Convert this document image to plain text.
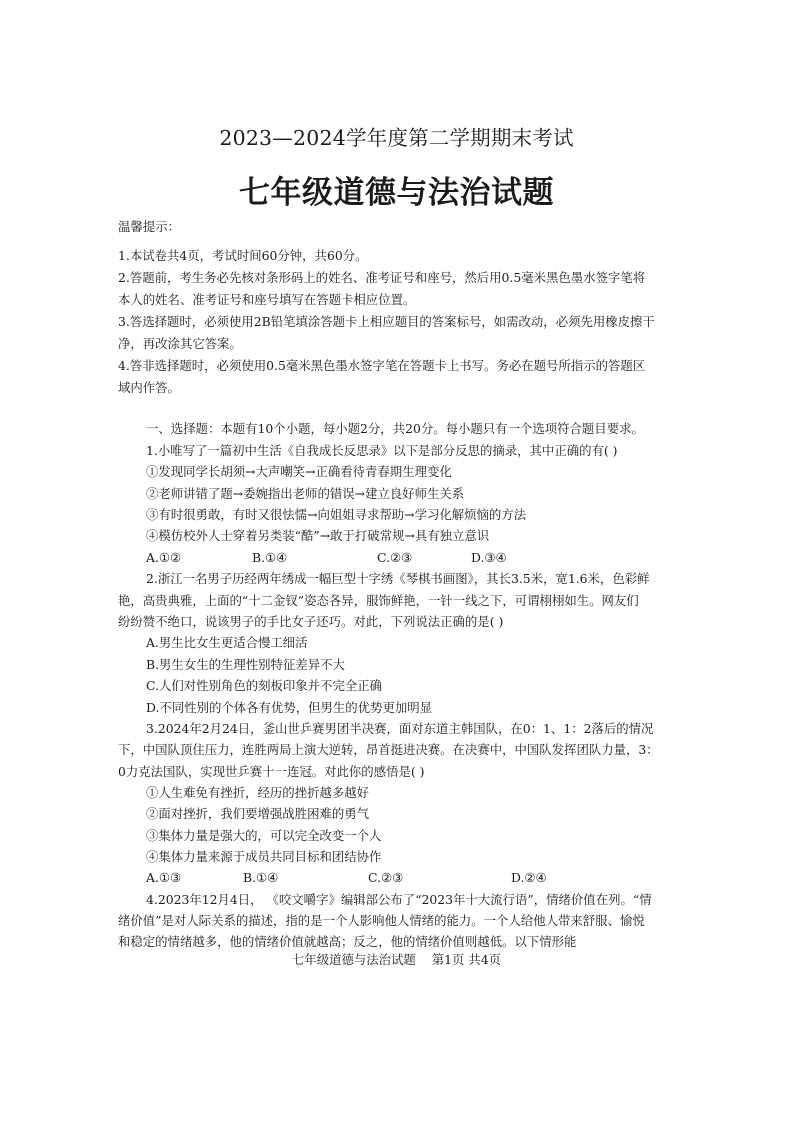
2023—2024学年度第二学期期末考试
七年级道德与法治试题
温馨提示：
1.本试卷共4页，考试时间60分钟，共60分。
2.答题前，考生务必先核对条形码上的姓名、准考证号和座号，然后用0.5毫米黑色墨水签字笔将
本人的姓名、准考证号和座号填写在答题卡相应位置。
3.答选择题时，必须使用2B铅笔填涂答题卡上相应题目的答案标号，如需改动，必须先用橡皮擦干
净，再改涂其它答案。
4.答非选择题时，必须使用0.5毫米黑色墨水签字笔在答题卡上书写。务必在题号所指示的答题区
域内作答。
一、选择题：本题有10个小题，每小题2分，共20分。每小题只有一个选项符合题目要求。
1.小唯写了一篇初中生活《自我成长反思录》以下是部分反思的摘录，其中正确的有( )
①发现同学长胡须→大声嘲笑→正确看待青春期生理变化
②老师讲错了题→委婉指出老师的错误→建立良好师生关系
③有时很勇敢，有时又很怯懦→向姐姐寻求帮助→学习化解烦恼的方法
④模仿校外人士穿着另类装“酷”→敢于打破常规→具有独立意识
A.①②	B.①④	C.②③	D.③④
2.浙江一名男子历经两年绣成一幅巨型十字绣《琴棋书画图》，其长3.5米，宽1.6米，色彩鲜
艳，高贵典雅，上面的“十二金钗”姿态各异，服饰鲜艳，一针一线之下，可谓栩栩如生。网友们
纷纷赞不绝口，说该男子的手比女子还巧。对此，下列说法正确的是( )
A.男生比女生更适合慢工细活
B.男生女生的生理性别特征差异不大
C.人们对性别角色的刻板印象并不完全正确
D.不同性别的个体各有优势，但男生的优势更加明显
3.2024年2月24日，釜山世乒赛男团半决赛，面对东道主韩国队，在0：1、1：2落后的情况
下，中国队顶住压力，连胜两局上演大逆转，昂首挺进决赛。在决赛中，中国队发挥团队力量，3：
0力克法国队，实现世乒赛十一连冠。对此你的感悟是( )
①人生难免有挫折，经历的挫折越多越好
②面对挫折，我们要增强战胜困难的勇气
③集体力量是强大的，可以完全改变一个人
④集体力量来源于成员共同目标和团结协作
A.①③	B.①④	C.②③	D.②④
4.2023年12月4日， 《咬文嚼字》编辑部公布了“2023年十大流行语”，情绪价值在列。“情
绪价值”是对人际关系的描述，指的是一个人影响他人情绪的能力。一个人给他人带来舒服、愉悦
和稳定的情绪越多，他的情绪价值就越高；反之，他的情绪价值则越低。以下情形能
七年级道德与法治试题 第1页 共4页
